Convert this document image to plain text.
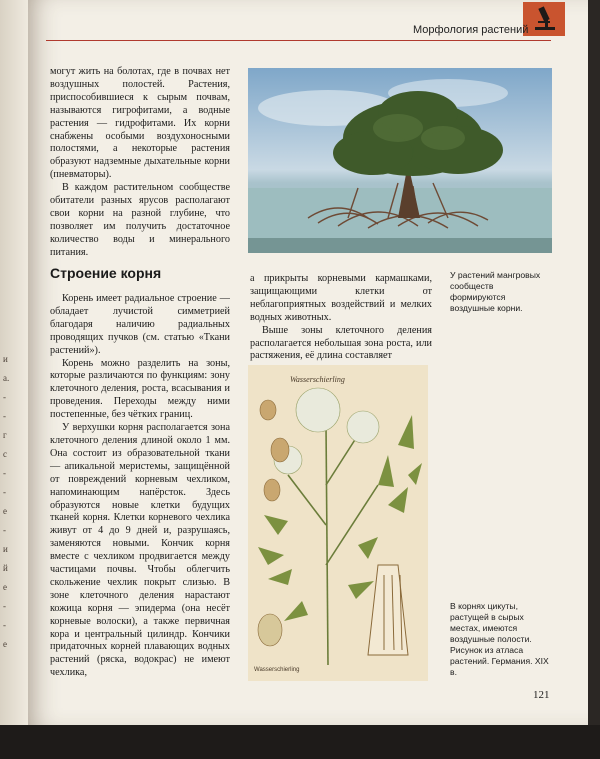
и
а.
-
-
г
с
-
-
е
-
и
й
е
-
-
е
Морфология растений

могут жить на болотах, где в почвах нет воздушных полостей. Растения, приспособившиеся к сырым почвам, называются гигрофитами, а водные растения — гидрофитами. Их корни снабжены особыми воздухоносными полостями, а некоторые растения образуют надземные дыхательные корни (пневматоры).

В каждом растительном сообществе обитатели разных ярусов располагают свои корни на разной глубине, что позволяет им получить достаточное количество воды и минерального питания.

Строение корня

Корень имеет радиальное строение — обладает лучистой симметрией благодаря наличию радиальных проводящих пучков (см. статью «Ткани растений»).

Корень можно разделить на зоны, которые различаются по функциям: зону клеточного деления, роста, всасывания и проведения. Переходы между ними постепенные, без чётких границ.

У верхушки корня располагается зона клеточного деления длиной около 1 мм. Она состоит из образовательной ткани — апикальной меристемы, защищённой от повреждений корневым чехликом, напоминающим напёрсток. Здесь образуются новые клетки будущих тканей корня. Клетки корневого чехлика живут от 4 до 9 дней и, разрушаясь, заменяются новыми. Кончик корня вместе с чехликом продвигается между частицами почвы. Чтобы облегчить скольжение чехлик покрыт слизью. В зоне клеточного деления нарастают кожица корня — эпидерма (она несёт корневые волоски), а также первичная кора и центральный цилиндр. Кончики придаточных корней плавающих водных растений (ряска, водокрас) не имеют чехлика,

У растений мангровых сообществ формируются воздушные корни.

а прикрыты корневыми кармашками, защищающими клетки от неблагоприятных воздействий и мелких водных животных.

Выше зоны клеточного деления располагается небольшая зона роста, или растяжения, её длина составляет

Wasserschierling
Wasserschierling
В корнях цикуты, растущей в сырых местах, имеются воздушные полости. Рисунок из атласа растений. Германия. XIX в.
121
